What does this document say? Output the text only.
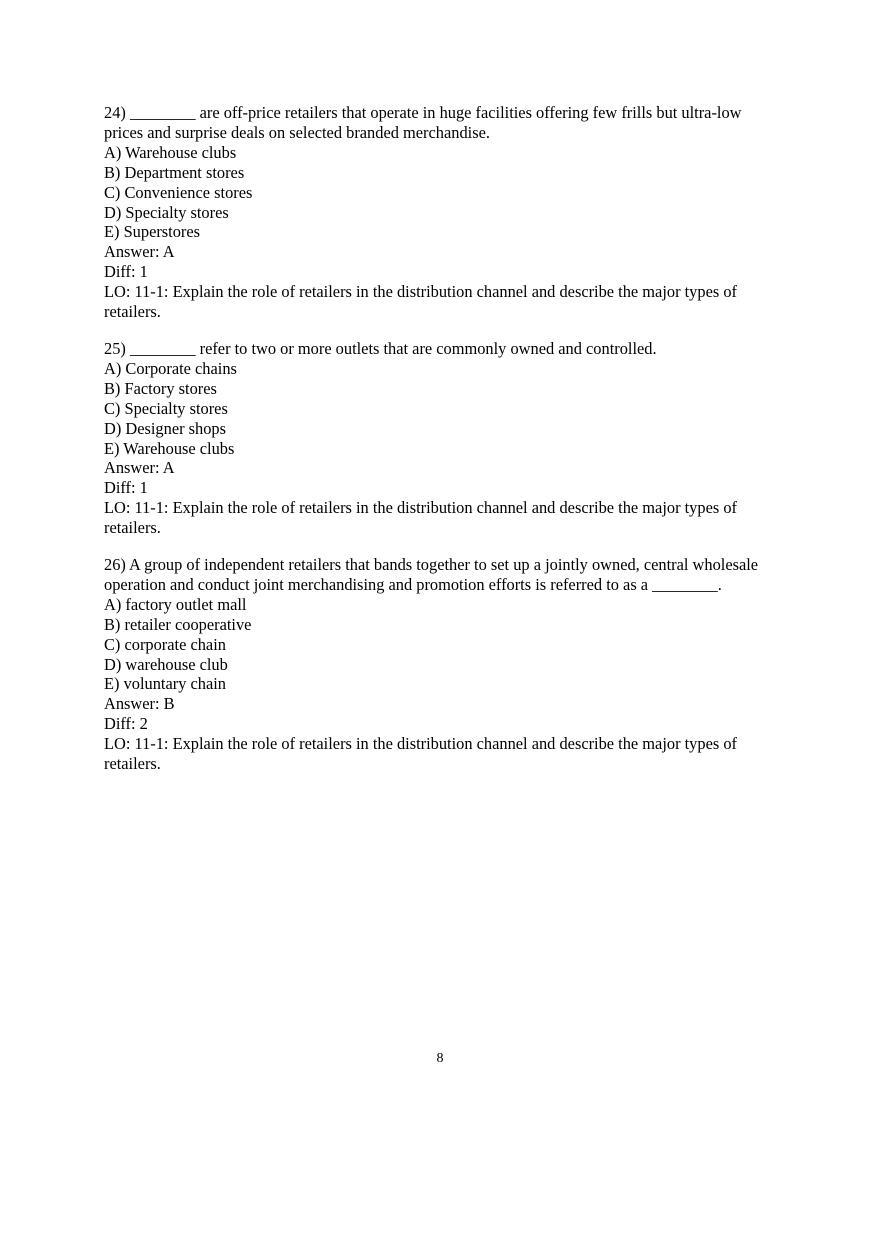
24) ________ are off-price retailers that operate in huge facilities offering few frills but ultra-low prices and surprise deals on selected branded merchandise.
A) Warehouse clubs
B) Department stores
C) Convenience stores
D) Specialty stores
E) Superstores
Answer: A
Diff: 1
LO: 11-1: Explain the role of retailers in the distribution channel and describe the major types of retailers.
25) ________ refer to two or more outlets that are commonly owned and controlled.
A) Corporate chains
B) Factory stores
C) Specialty stores
D) Designer shops
E) Warehouse clubs
Answer: A
Diff: 1
LO: 11-1: Explain the role of retailers in the distribution channel and describe the major types of retailers.
26) A group of independent retailers that bands together to set up a jointly owned, central wholesale operation and conduct joint merchandising and promotion efforts is referred to as a ________.
A) factory outlet mall
B) retailer cooperative
C) corporate chain
D) warehouse club
E) voluntary chain
Answer: B
Diff: 2
LO: 11-1: Explain the role of retailers in the distribution channel and describe the major types of retailers.
8
